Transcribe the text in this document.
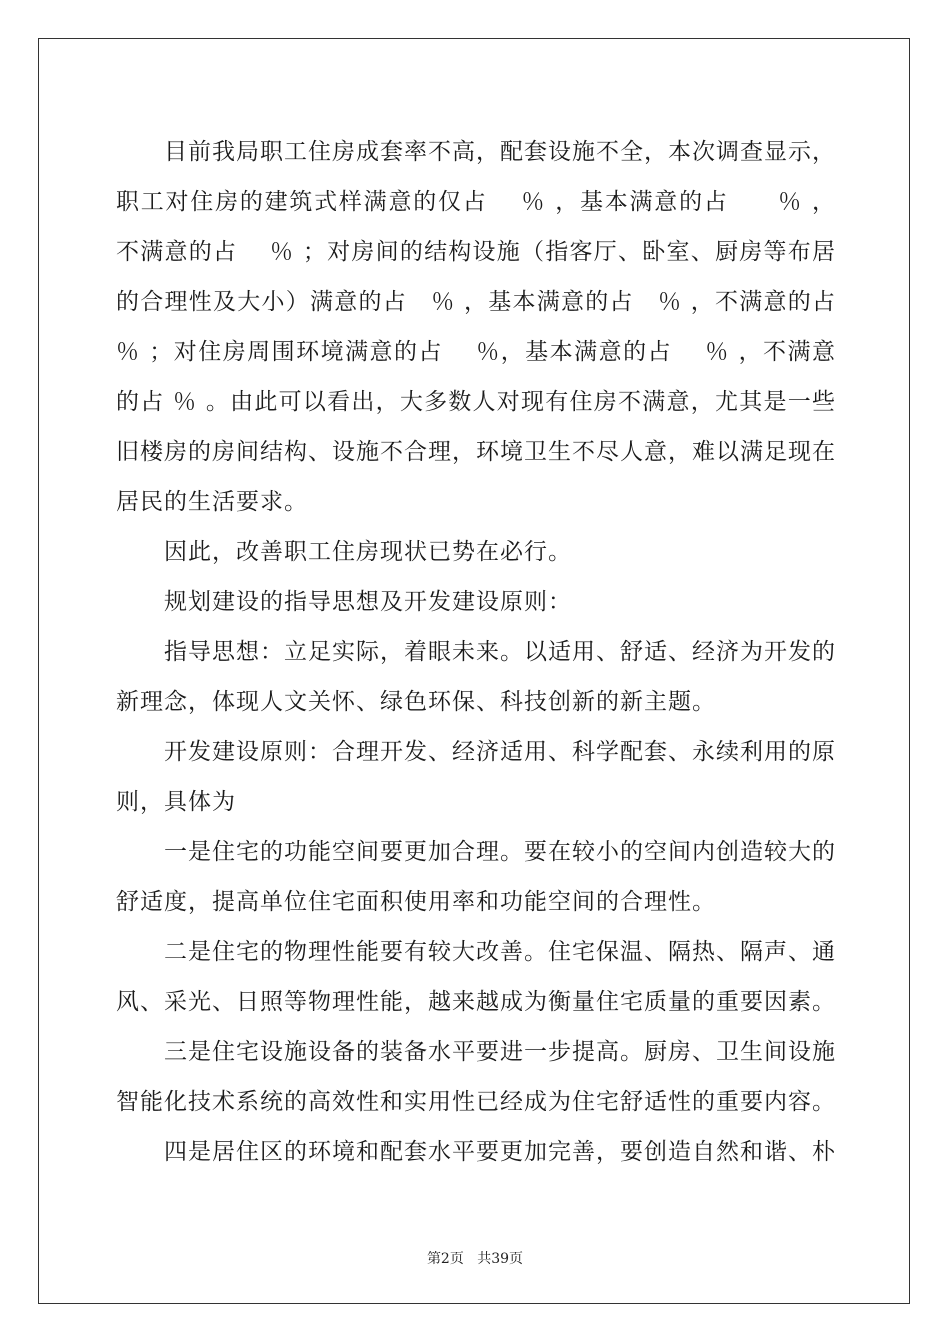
目前我局职工住房成套率不高，配套设施不全，本次调查显示，职工对住房的建筑式样满意的仅占　 ％ ，基本满意的占　　％ ，不满意的占　 ％ ；对房间的结构设施（指客厅、卧室、厨房等布居的合理性及大小）满意的占　％ ，基本满意的占　％ ，不满意的占　 ％ ；对住房周围环境满意的占　 ％，基本满意的占　 ％ ，不满意的占 ％ 。由此可以看出，大多数人对现有住房不满意，尤其是一些旧楼房的房间结构、设施不合理，环境卫生不尽人意，难以满足现在居民的生活要求。

因此，改善职工住房现状已势在必行。

规划建设的指导思想及开发建设原则：

指导思想：立足实际，着眼未来。以适用、舒适、经济为开发的新理念，体现人文关怀、绿色环保、科技创新的新主题。

开发建设原则：合理开发、经济适用、科学配套、永续利用的原则，具体为

一是住宅的功能空间要更加合理。要在较小的空间内创造较大的舒适度，提高单位住宅面积使用率和功能空间的合理性。

二是住宅的物理性能要有较大改善。住宅保温、隔热、隔声、通风、采光、日照等物理性能，越来越成为衡量住宅质量的重要因素。

三是住宅设施设备的装备水平要进一步提高。厨房、卫生间设施智能化技术系统的高效性和实用性已经成为住宅舒适性的重要内容。

四是居住区的环境和配套水平要更加完善，要创造自然和谐、朴

第2页 共39页
